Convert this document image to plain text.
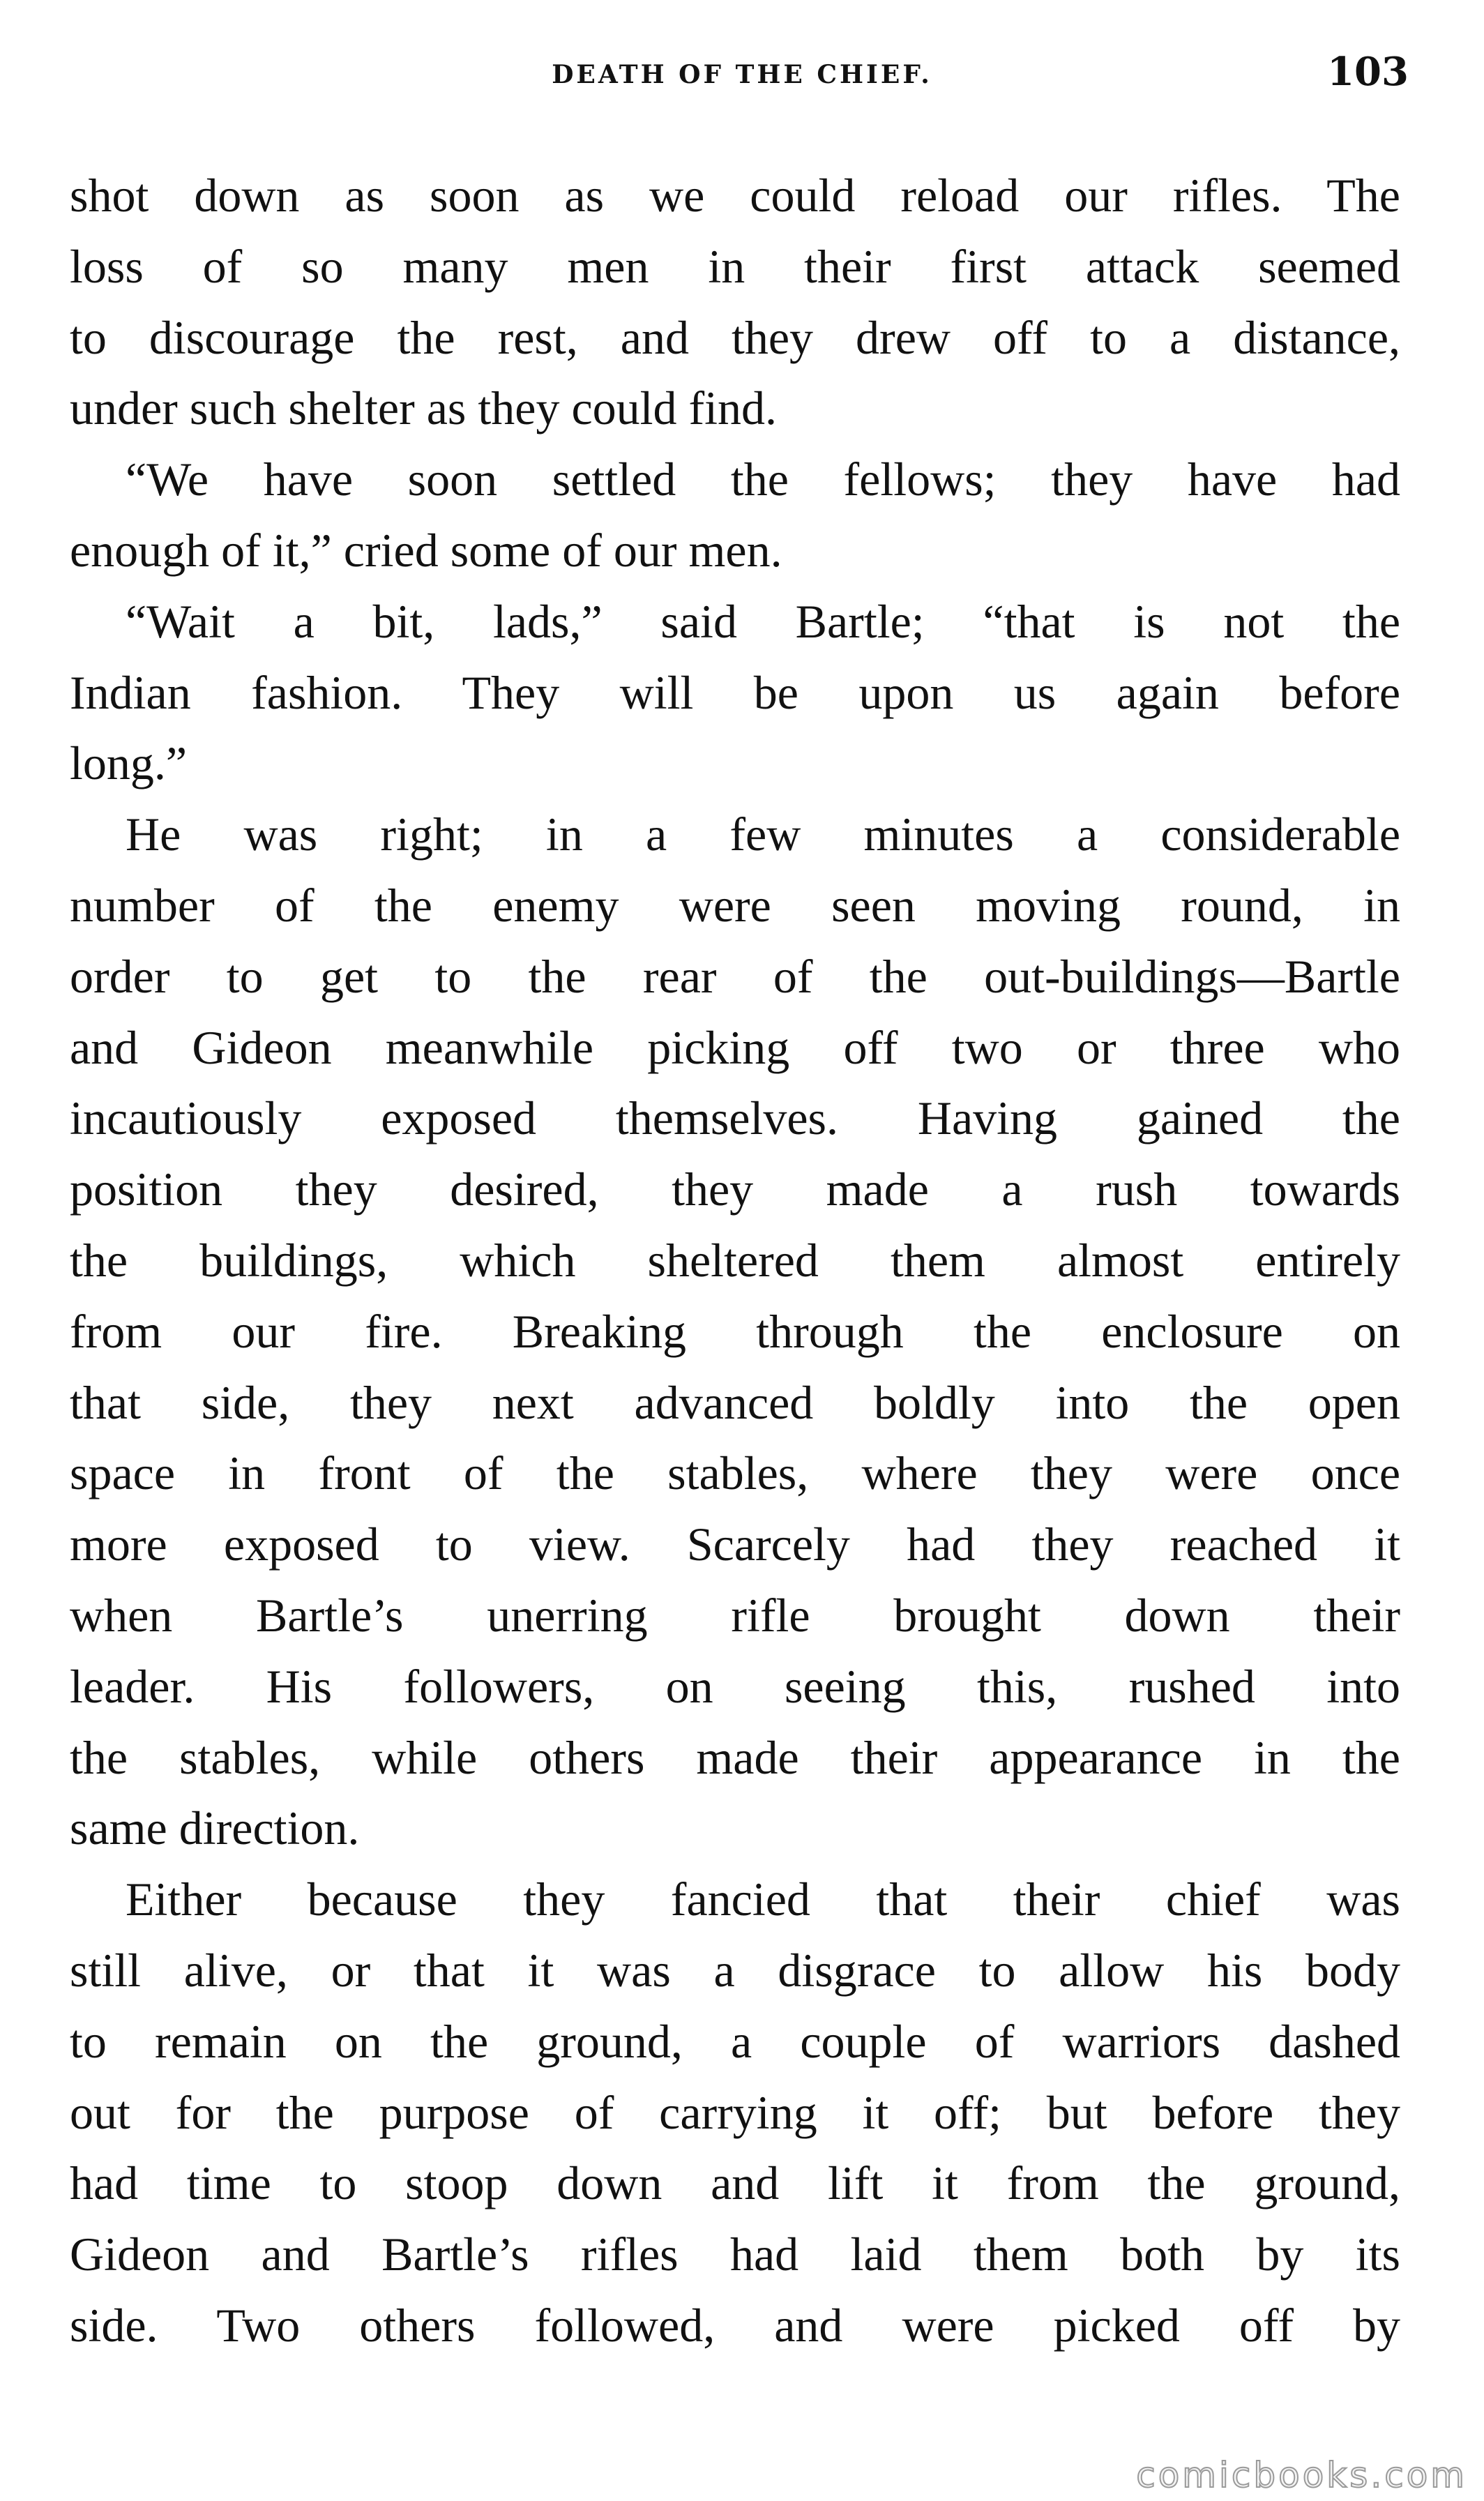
DEATH OF THE CHIEF.	103
shot down as soon as we could reload our rifles. The
loss of so many men in their first attack seemed
to discourage the rest, and they drew off to a distance,
under such shelter as they could find.
“We have soon settled the fellows; they have had
enough of it,” cried some of our men.
“Wait a bit, lads,” said Bartle; “that is not the
Indian fashion. They will be upon us again before
long.”
He was right; in a few minutes a considerable
number of the enemy were seen moving round, in
order to get to the rear of the out-buildings—Bartle
and Gideon meanwhile picking off two or three who
incautiously exposed themselves. Having gained the
position they desired, they made a rush towards
the buildings, which sheltered them almost entirely
from our fire. Breaking through the enclosure on
that side, they next advanced boldly into the open
space in front of the stables, where they were once
more exposed to view. Scarcely had they reached it
when Bartle’s unerring rifle brought down their
leader. His followers, on seeing this, rushed into
the stables, while others made their appearance in the
same direction.
Either because they fancied that their chief was
still alive, or that it was a disgrace to allow his body
to remain on the ground, a couple of warriors dashed
out for the purpose of carrying it off; but before they
had time to stoop down and lift it from the ground,
Gideon and Bartle’s rifles had laid them both by its
side. Two others followed, and were picked off by
comicbooks.com
